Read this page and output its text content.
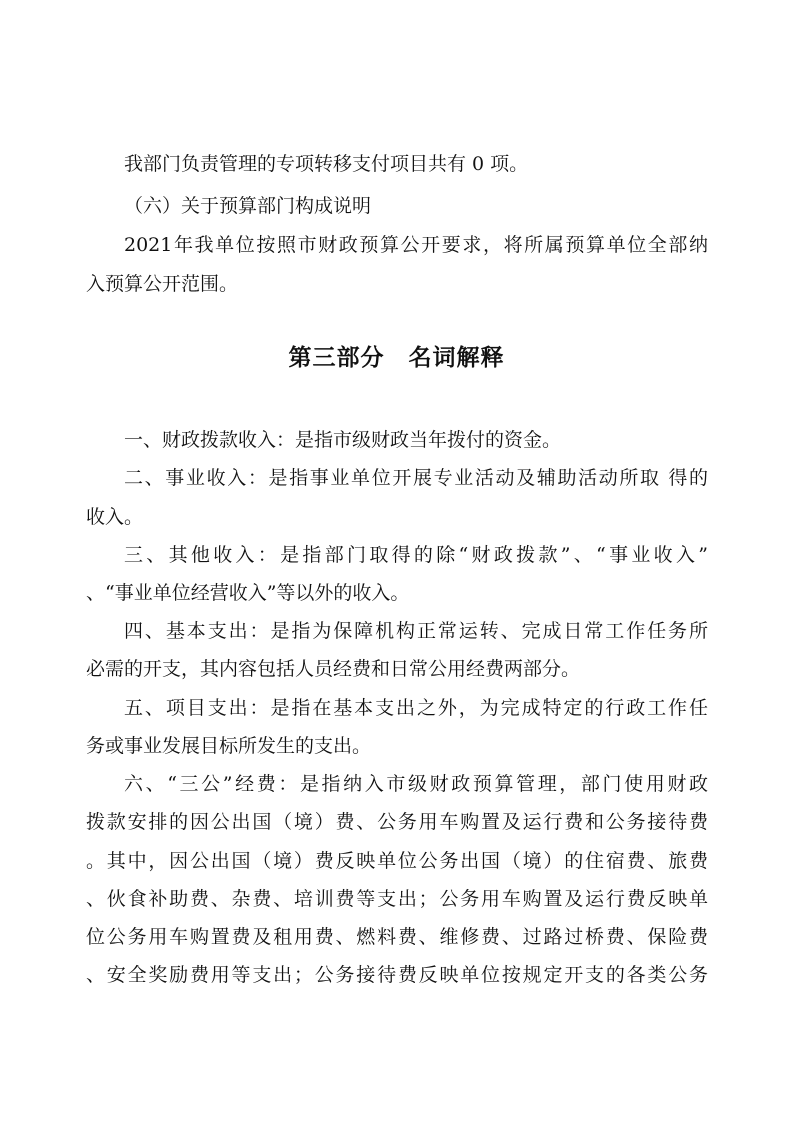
我部门负责管理的专项转移支付项目共有 0 项。

（六）关于预算部门构成说明

2021年我单位按照市财政预算公开要求，将所属预算单位全部纳

入预算公开范围。

第三部分　名词解释

一、财政拨款收入：是指市级财政当年拨付的资金。

二、事业收入：是指事业单位开展专业活动及辅助活动所取 得的

收入。

三、其他收入：是指部门取得的除“财政拨款”、“事业收入”

、“事业单位经营收入”等以外的收入。

四、基本支出：是指为保障机构正常运转、完成日常工作任务所

必需的开支，其内容包括人员经费和日常公用经费两部分。

五、项目支出：是指在基本支出之外，为完成特定的行政工作任

务或事业发展目标所发生的支出。

六、“三公”经费：是指纳入市级财政预算管理，部门使用财政

拨款安排的因公出国（境）费、公务用车购置及运行费和公务接待费

。其中，因公出国（境）费反映单位公务出国（境）的住宿费、旅费

、伙食补助费、杂费、培训费等支出；公务用车购置及运行费反映单

位公务用车购置费及租用费、燃料费、维修费、过路过桥费、保险费

、安全奖励费用等支出；公务接待费反映单位按规定开支的各类公务
